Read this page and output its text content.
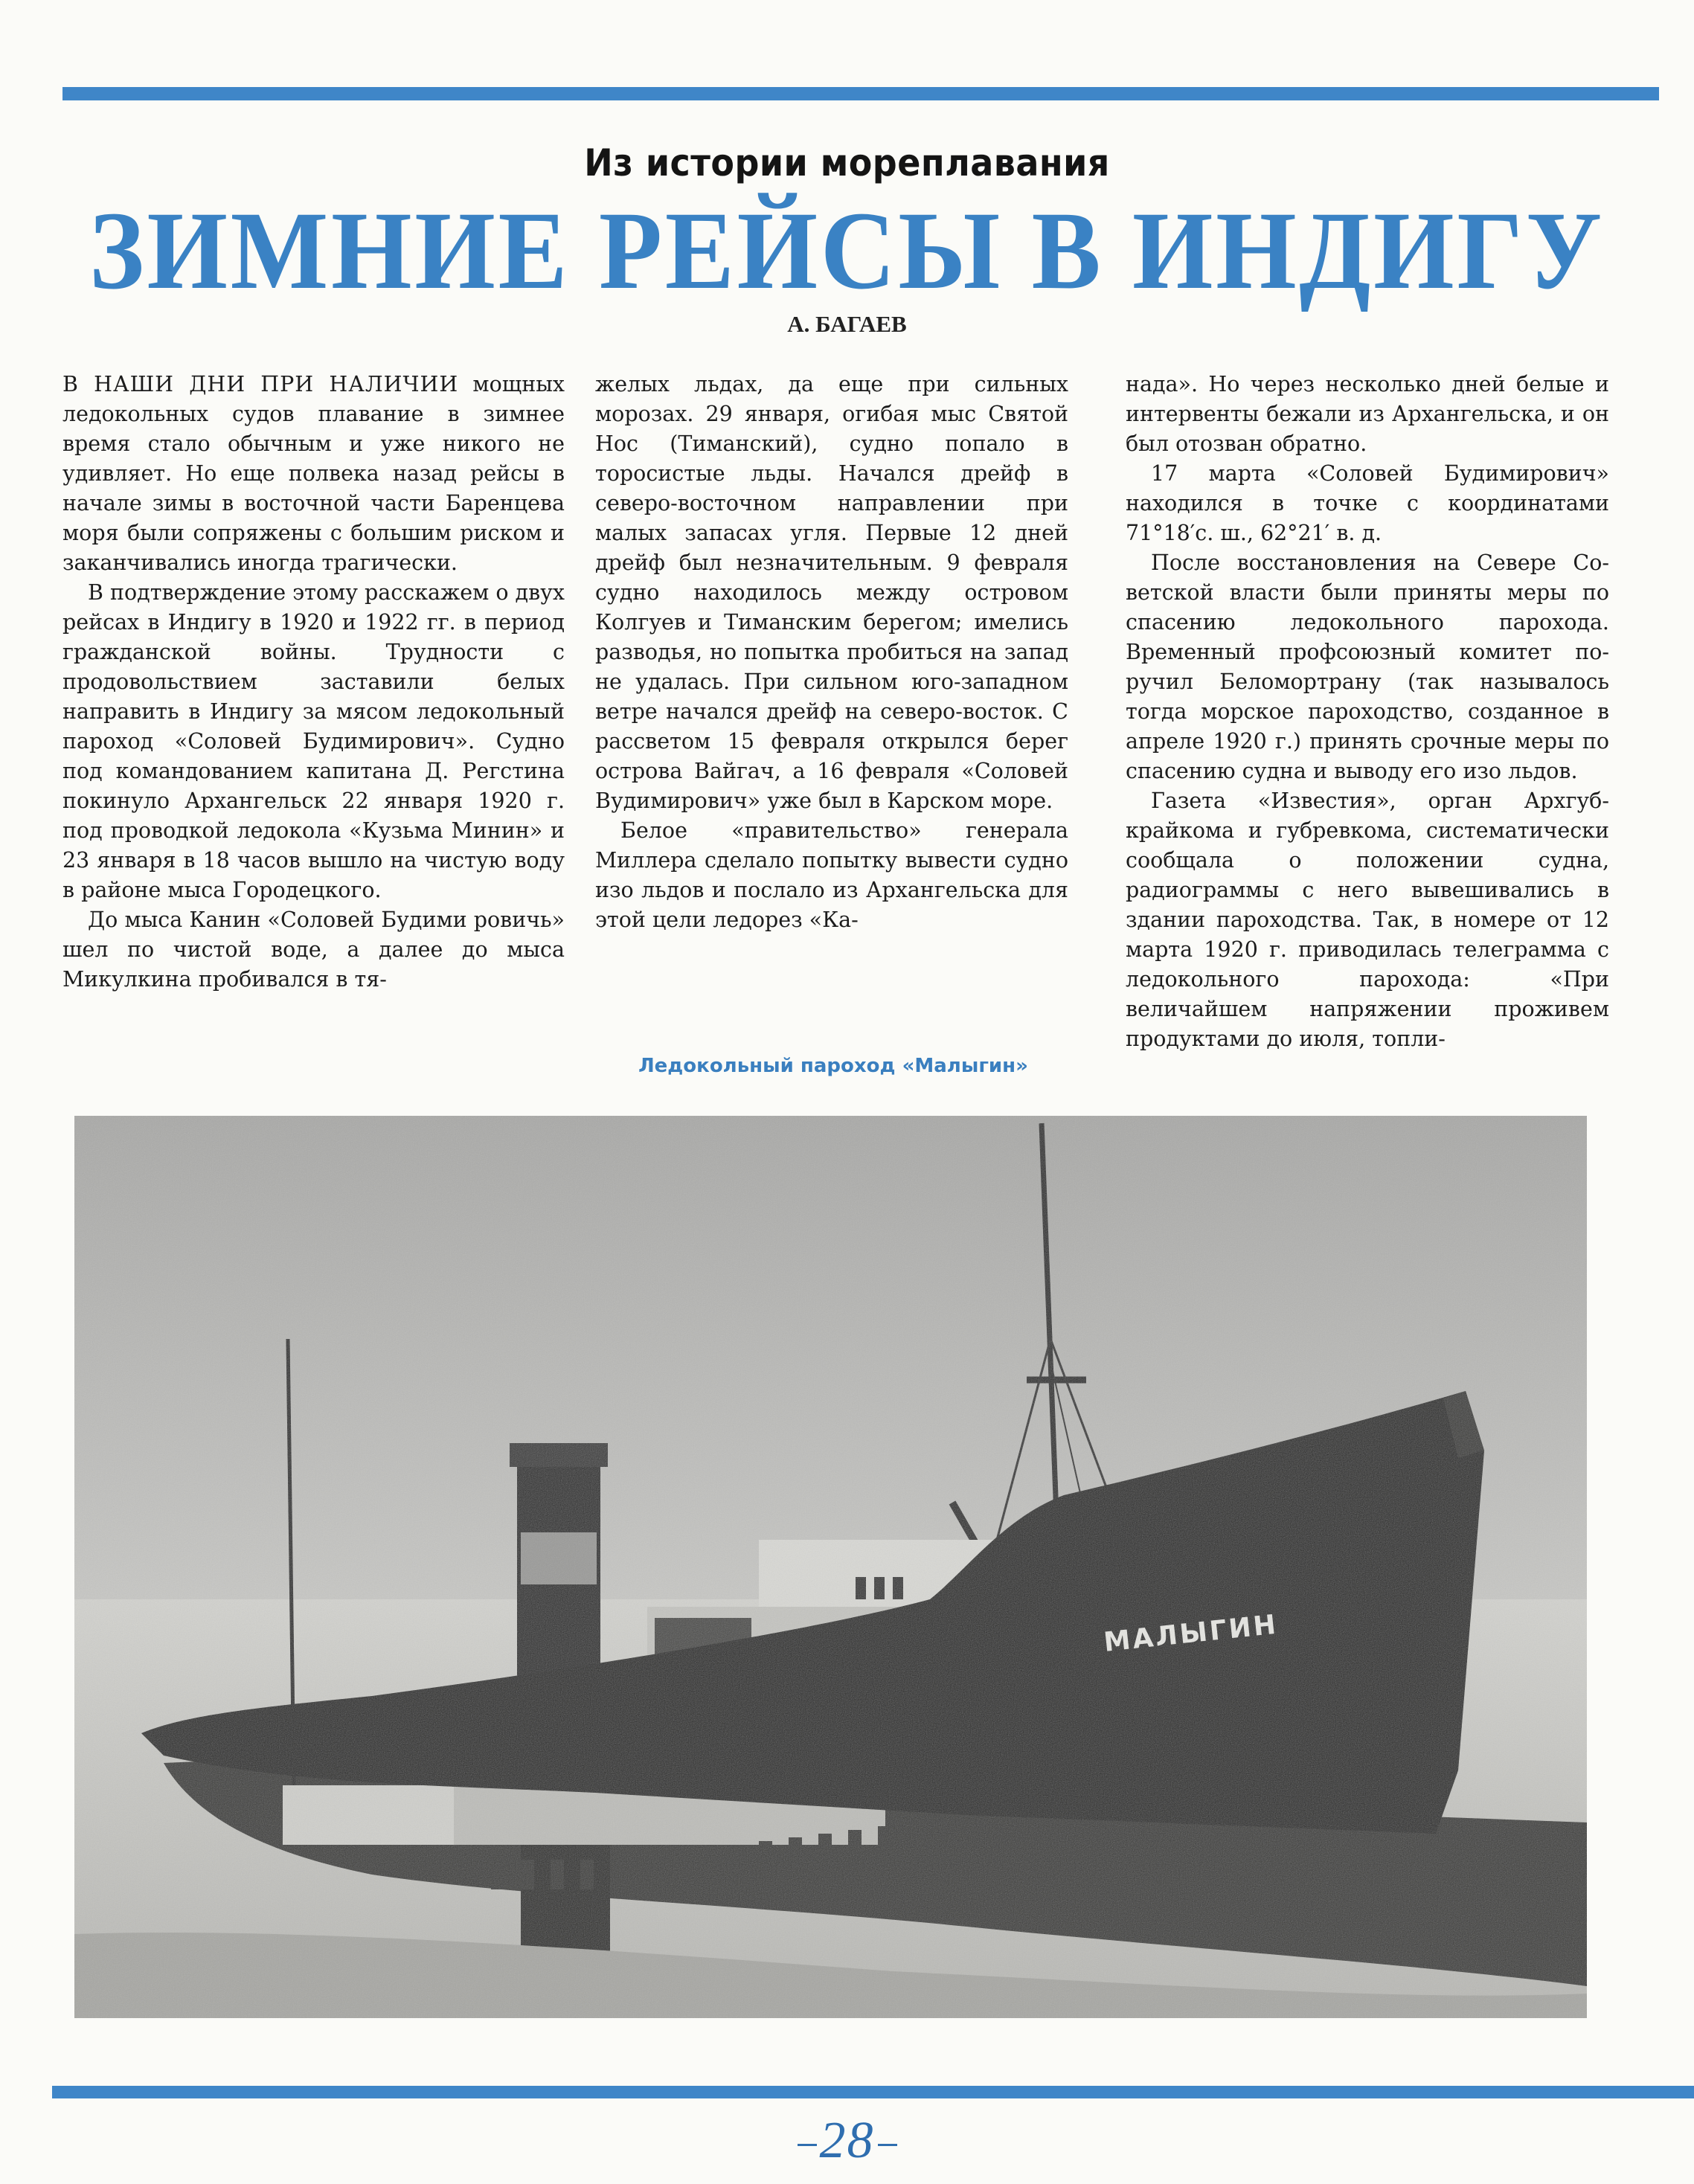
Из истории мореплавания
ЗИМНИЕ РЕЙСЫ В ИНДИГУ
А. БАГАЕВ

В НАШИ ДНИ ПРИ НАЛИЧИИ мощных ледокольных судов плавание в зимнее время стало обычным и уже никого не удивляет. Но еще полвека назад рейсы в начале зимы в восточной части Баренцева моря были сопряжены с большим риском и заканчивались иногда трагически.

В подтверждение этому расскажем о двух рейсах в Индигу в 1920 и 1922 гг. в период гражданской войны. Трудности с продовольствием заставили белых направить в Индигу за мясом ледокольный пароход «Соловей Будимирович». Судно под командованием капитана Д. Регстина покинуло Архангельск 22 января 1920 г. под проводкой ледокола «Кузьма Минин» и 23 января в 18 часов вышло на чистую воду в районе мыса Городецкого.

До мыса Канин «Соловей Будими ровичь» шел по чистой воде, а далее до мыса Микулкина пробивался в тя-

желых льдах, да еще при сильных морозах. 29 января, огибая мыс Святой Нос (Тиманский), судно попало в торосистые льды. Начался дрейф в северо-восточном направлении при малых запасах угля. Первые 12 дней дрейф был незначительным. 9 февраля судно находилось между островом Колгуев и Тиманским берегом; имелись разводья, но попытка пробиться на запад не удалась. При сильном юго-западном ветре начался дрейф на северо-восток. С рассветом 15 февраля открылся берег острова Вайгач, а 16 февраля «Соловей Вудимирович» уже был в Карском море.

Белое «правительство» генерала Миллера сделало попытку вывести судно изо льдов и послало из Архангельска для этой цели ледорез «Ка-

нада». Но через несколько дней белые и интервенты бежали из Архангельска, и он был отозван обратно.

17 марта «Соловей Будимирович» находился в точке с координатами 71°18′с. ш., 62°21′ в. д.

После восстановления на Севере Советской власти были приняты меры по спасению ледокольного парохода. Временный профсоюзный комитет поручил Беломортрану (так называлось тогда морское пароходство, созданное в апреле 1920 г.) принять срочные меры по спасению судна и выводу его изо льдов.

Газета «Известия», орган Архгубкрайкома и губревкома, систематически сообщала о положении судна, радиограммы с него вывешивались в здании пароходства. Так, в номере от 12 марта 1920 г. приводилась телеграмма с ледокольного парохода: «При величайшем напряжении проживем продуктами до июля, топли-

Ледокольный пароход «Малыгин»
МАЛЫГИН
28
